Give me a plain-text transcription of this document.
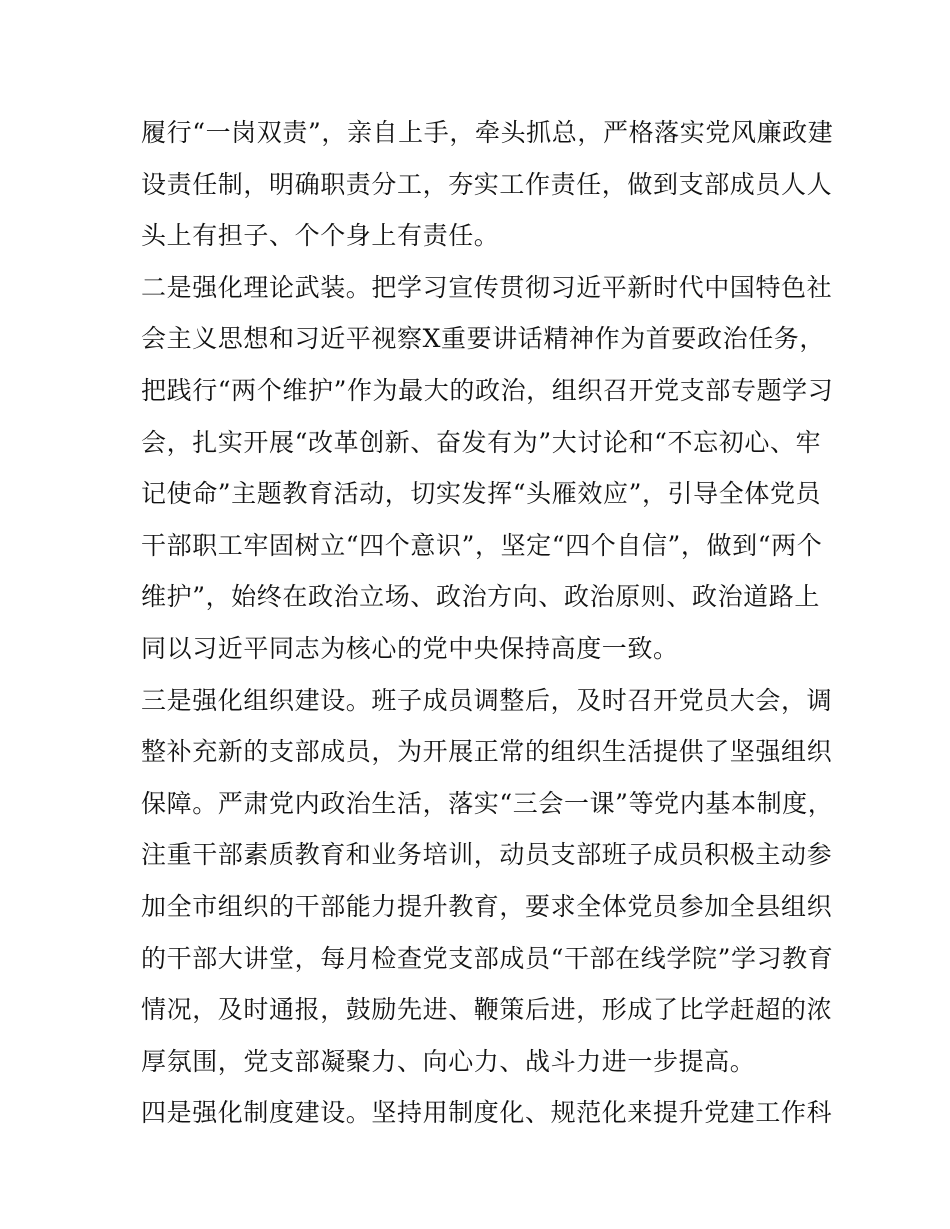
履行“一岗双责”，亲自上手，牵头抓总，严格落实党风廉政建
设责任制，明确职责分工，夯实工作责任，做到支部成员人人
头上有担子、个个身上有责任。

二是强化理论武装。把学习宣传贯彻习近平新时代中国特色社
会主义思想和习近平视察X重要讲话精神作为首要政治任务，
把践行“两个维护”作为最大的政治，组织召开党支部专题学习
会，扎实开展“改革创新、奋发有为”大讨论和“不忘初心、牢
记使命”主题教育活动，切实发挥“头雁效应”，引导全体党员
干部职工牢固树立“四个意识”，坚定“四个自信”，做到“两个
维护”，始终在政治立场、政治方向、政治原则、政治道路上
同以习近平同志为核心的党中央保持高度一致。

三是强化组织建设。班子成员调整后，及时召开党员大会，调
整补充新的支部成员，为开展正常的组织生活提供了坚强组织
保障。严肃党内政治生活，落实“三会一课”等党内基本制度，
注重干部素质教育和业务培训，动员支部班子成员积极主动参
加全市组织的干部能力提升教育，要求全体党员参加全县组织
的干部大讲堂，每月检查党支部成员“干部在线学院”学习教育
情况，及时通报，鼓励先进、鞭策后进，形成了比学赶超的浓
厚氛围，党支部凝聚力、向心力、战斗力进一步提高。

四是强化制度建设。坚持用制度化、规范化来提升党建工作科
